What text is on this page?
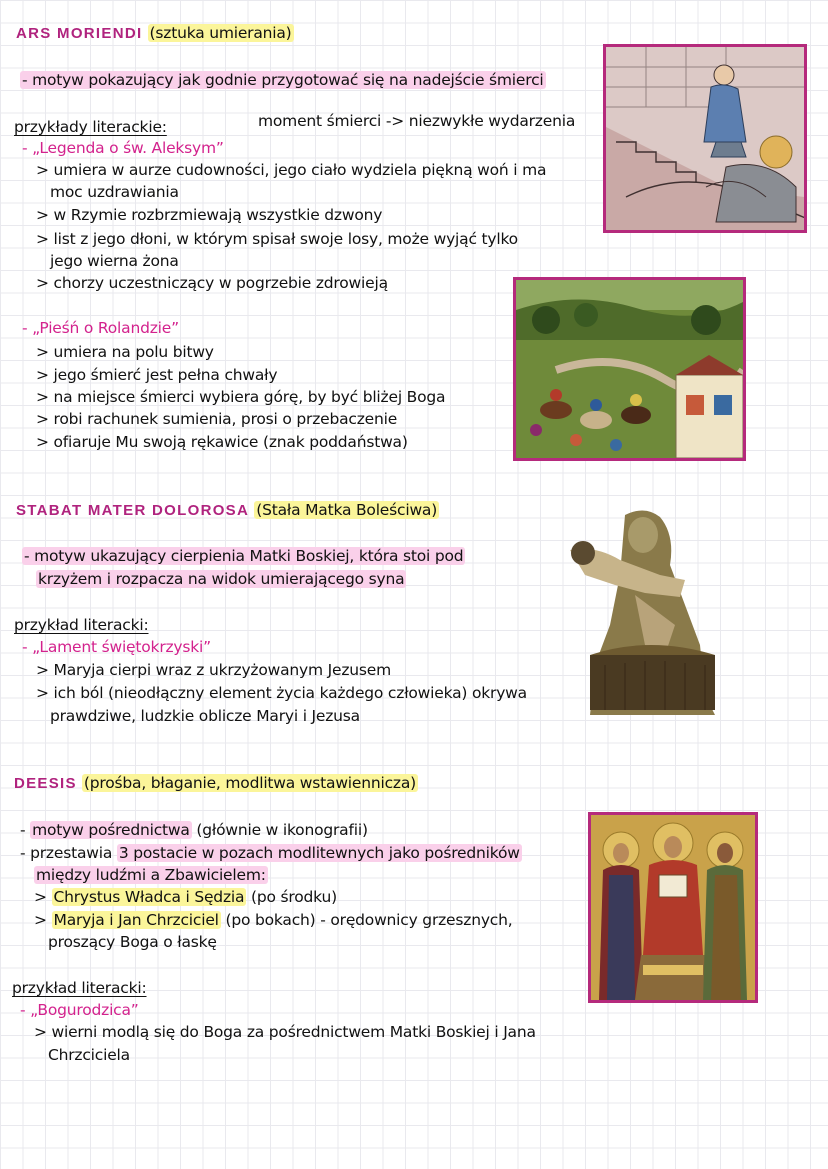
ARS MORIENDI (sztuka umierania)
- motyw pokazujący jak godnie przygotować się na nadejście śmierci
przykłady literackie:	moment śmierci -> niezwykłe wydarzenia
- „Legenda o św. Aleksym”
> umiera w aurze cudowności, jego ciało wydziela piękną woń i ma
moc uzdrawiania
> w Rzymie rozbrzmiewają wszystkie dzwony
> list z jego dłoni, w którym spisał swoje losy, może wyjąć tylko
jego wierna żona
> chorzy uczestniczący w pogrzebie zdrowieją
- „Pieśń o Rolandzie”
> umiera na polu bitwy
> jego śmierć jest pełna chwały
> na miejsce śmierci wybiera górę, by być bliżej Boga
> robi rachunek sumienia, prosi o przebaczenie
> ofiaruje Mu swoją rękawice (znak poddaństwa)
STABAT MATER DOLOROSA (Stała Matka Boleściwa)
- motyw ukazujący cierpienia Matki Boskiej, która stoi pod
krzyżem i rozpacza na widok umierającego syna
przykład literacki:
- „Lament świętokrzyski”
> Maryja cierpi wraz z ukrzyżowanym Jezusem
> ich ból (nieodłączny element życia każdego człowieka) okrywa
prawdziwe, ludzkie oblicze Maryi i Jezusa
DEESIS (prośba, błaganie, modlitwa wstawiennicza)
- motyw pośrednictwa (głównie w ikonografii)
- przestawia 3 postacie w pozach modlitewnych jako pośredników
między ludźmi a Zbawicielem:
> Chrystus Władca i Sędzia (po środku)
> Maryja i Jan Chrzciciel (po bokach) - orędownicy grzesznych,
proszący Boga o łaskę
przykład literacki:
- „Bogurodzica”
> wierni modlą się do Boga za pośrednictwem Matki Boskiej i Jana
Chrzciciela
